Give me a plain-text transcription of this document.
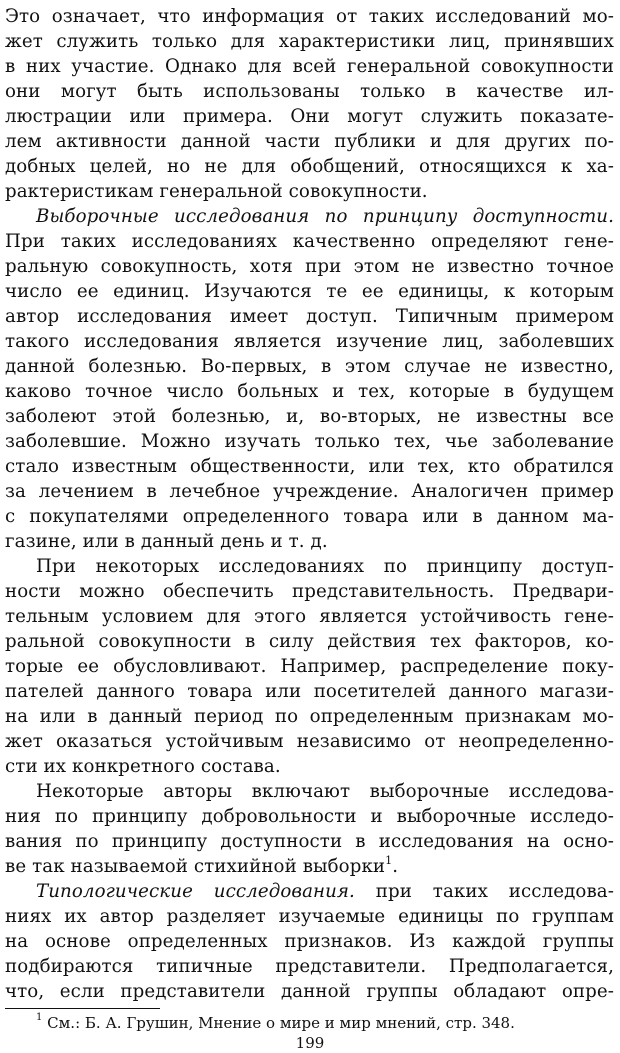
Это означает, что информация от таких исследований мо-
жет служить только для характеристики лиц, принявших
в них участие. Однако для всей генеральной совокупности
они могут быть использованы только в качестве ил-
люстрации или примера. Они могут служить показате-
лем активности данной части публики и для других по-
добных целей, но не для обобщений, относящихся к ха-
рактеристикам генеральной совокупности.
Выборочные исследования по принципу доступности.
При таких исследованиях качественно определяют гене-
ральную совокупность, хотя при этом не известно точное
число ее единиц. Изучаются те ее единицы, к которым
автор исследования имеет доступ. Типичным примером
такого исследования является изучение лиц, заболевших
данной болезнью. Во-первых, в этом случае не известно,
каково точное число больных и тех, которые в будущем
заболеют этой болезнью, и, во-вторых, не известны все
заболевшие. Можно изучать только тех, чье заболевание
стало известным общественности, или тех, кто обратился
за лечением в лечебное учреждение. Аналогичен пример
с покупателями определенного товара или в данном ма-
газине, или в данный день и т. д.
При некоторых исследованиях по принципу доступ-
ности можно обеспечить представительность. Предвари-
тельным условием для этого является устойчивость гене-
ральной совокупности в силу действия тех факторов, ко-
торые ее обусловливают. Например, распределение поку-
пателей данного товара или посетителей данного магази-
на или в данный период по определенным признакам мо-
жет оказаться устойчивым независимо от неопределенно-
сти их конкретного состава.
Некоторые авторы включают выборочные исследова-
ния по принципу добровольности и выборочные исследо-
вания по принципу доступности в исследования на осно-
ве так называемой стихийной выборки$^1$.
Типологические исследования. при таких исследова-
ниях их автор разделяет изучаемые единицы по группам
на основе определенных признаков. Из каждой группы
подбираются типичные представители. Предполагается,
что, если представители данной группы обладают опре-
$^1$ См.: Б. А. Грушин, Мнение о мире и мир мнений, стр. 348.
199
